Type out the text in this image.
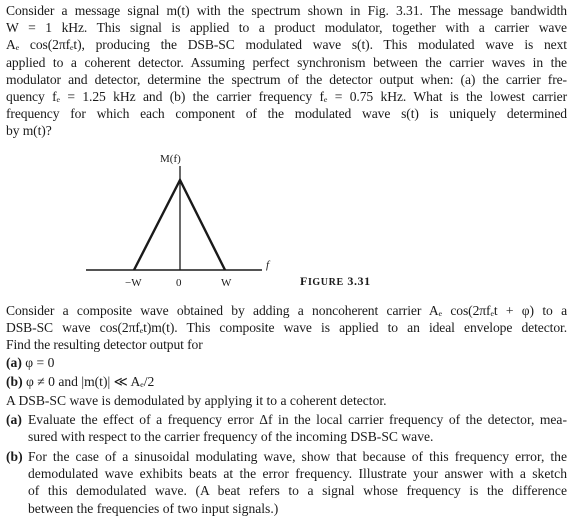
Consider a message signal m(t) with the spectrum shown in Fig. 3.31. The message bandwidth
W = 1 kHz. This signal is applied to a product modulator, together with a carrier wave
Aₑ cos(2πfₑt), producing the DSB-SC modulated wave s(t). This modulated wave is next
applied to a coherent detector. Assuming perfect synchronism between the carrier waves in the
modulator and detector, determine the spectrum of the detector output when: (a) the carrier fre-
quency fₑ = 1.25 kHz and (b) the carrier frequency fₑ = 0.75 kHz. What is the lowest carrier
frequency for which each component of the modulated wave s(t) is uniquely determined
by m(t)?
M(f)
f
−W	0	W	FIGURE 3.31
Consider a composite wave obtained by adding a noncoherent carrier Aₑ cos(2πfₑt + φ) to a
DSB-SC wave cos(2πfₑt)m(t). This composite wave is applied to an ideal envelope detector.
Find the resulting detector output for
(a) φ = 0
(b) φ ≠ 0 and |m(t)| ≪ Aₑ/2
A DSB-SC wave is demodulated by applying it to a coherent detector.
(a) Evaluate the effect of a frequency error Δf in the local carrier frequency of the detector, mea-
sured with respect to the carrier frequency of the incoming DSB-SC wave.
(b) For the case of a sinusoidal modulating wave, show that because of this frequency error, the
demodulated wave exhibits beats at the error frequency. Illustrate your answer with a sketch
of this demodulated wave. (A beat refers to a signal whose frequency is the difference
between the frequencies of two input signals.)
